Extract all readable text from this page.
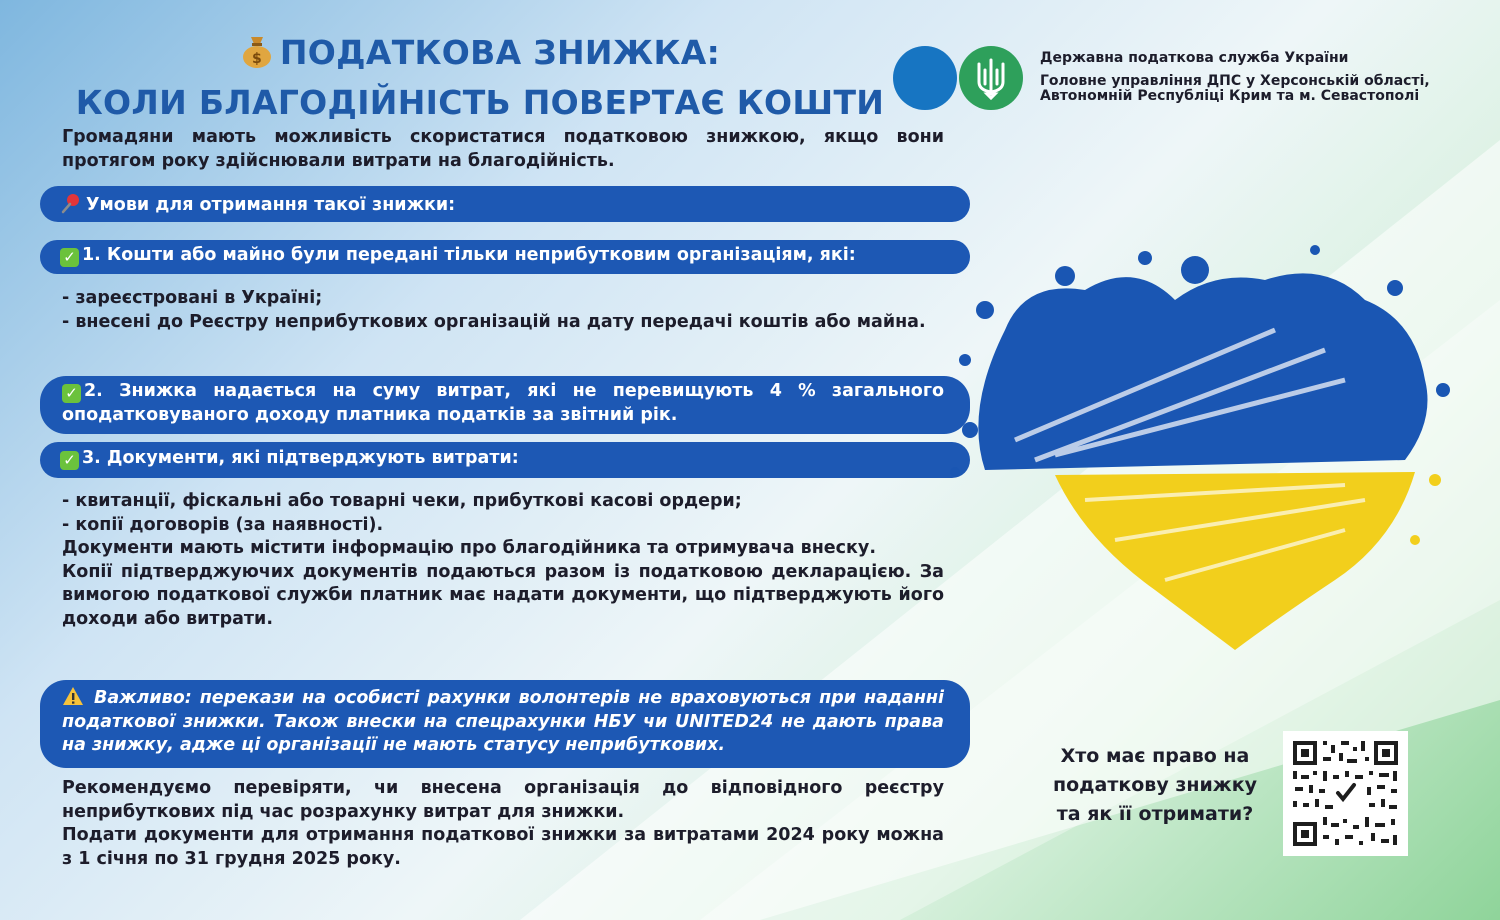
$ ПОДАТКОВА ЗНИЖКА:
КОЛИ БЛАГОДІЙНІСТЬ ПОВЕРТАЄ КОШТИ
Державна податкова служба України
Головне управління ДПС у Херсонській області, Автономній Республіці Крим та м. Севастополі

Громадяни мають можливість скористатися податковою знижкою, якщо вони протягом року здійснювали витрати на благодійність.

Умови для отримання такої знижки:
✓ 1. Кошти або майно були передані тільки неприбутковим організаціям, які:

- зареєстровані в Україні;

- внесені до Реєстру неприбуткових організацій на дату передачі коштів або майна.

✓ 2. Знижка надається на суму витрат, які не перевищують 4 % загального оподатковуваного доходу платника податків за звітний рік.
✓ 3. Документи, які підтверджують витрати:

- квитанції, фіскальні або товарні чеки, прибуткові касові ордери;

- копії договорів (за наявності).

Документи мають містити інформацію про благодійника та отримувача внеску.

Копії підтверджуючих документів подаються разом із податковою декларацією. За вимогою податкової служби платник має надати документи, що підтверджують його доходи або витрати.

Важливо: перекази на особисті рахунки волонтерів не враховуються при наданні податкової знижки. Також внески на спецрахунки НБУ чи UNITED24 не дають права на знижку, адже ці організації не мають статусу неприбуткових.

Рекомендуємо перевіряти, чи внесена організація до відповідного реєстру неприбуткових під час розрахунку витрат для знижки.

Подати документи для отримання податкової знижки за витратами 2024 року можна з 1 січня по 31 грудня 2025 року.

Хто має право на
податкову знижку
та як її отримати?
